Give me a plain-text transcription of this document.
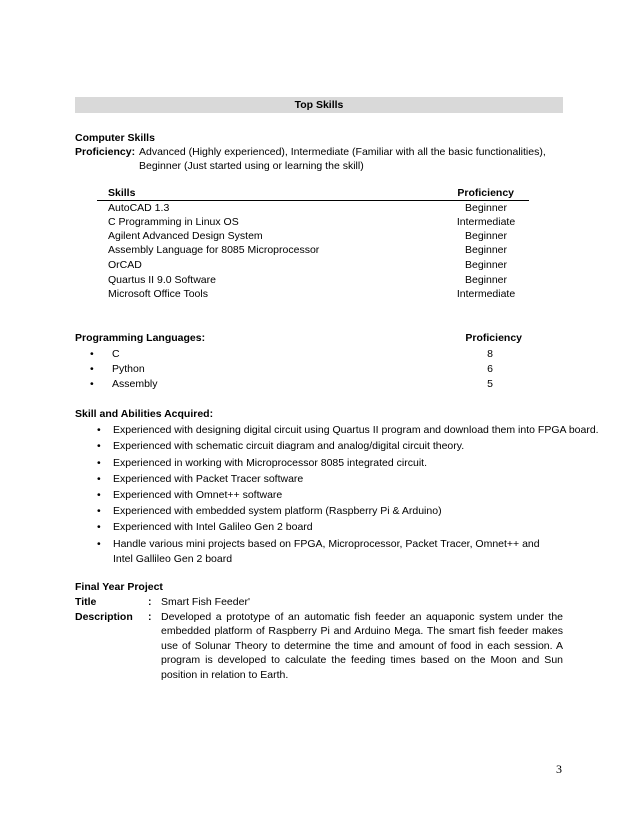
Top Skills
Computer Skills
Proficiency: Advanced (Highly experienced), Intermediate (Familiar with all the basic functionalities),
Beginner (Just started using or learning the skill)
Skills	Proficiency
AutoCAD 1.3	Beginner
C Programming in Linux OS	Intermediate
Agilent Advanced Design System	Beginner
Assembly Language for 8085 Microprocessor	Beginner
OrCAD	Beginner
Quartus II 9.0 Software	Beginner
Microsoft Office Tools	Intermediate
Programming Languages:	Proficiency
• C	8
• Python	6
• Assembly	5
Skill and Abilities Acquired:
• Experienced with designing digital circuit using Quartus II program and download them into FPGA board.
• Experienced with schematic circuit diagram and analog/digital circuit theory.
• Experienced in working with Microprocessor 8085 integrated circuit.
• Experienced with Packet Tracer software
• Experienced with Omnet++ software
• Experienced with embedded system platform (Raspberry Pi & Arduino)
• Experienced with Intel Galileo Gen 2 board
• Handle various mini projects based on FPGA, Microprocessor, Packet Tracer, Omnet++ and
Intel Gallileo Gen 2 board
Final Year Project
Title	: Smart Fish Feeder'
Description : Developed a prototype of an automatic fish feeder an aquaponic system under the embedded platform of Raspberry Pi and Arduino Mega. The smart fish feeder makes use of Solunar Theory to determine the time and amount of food in each session. A program is developed to calculate the feeding times based on the Moon and Sun position in relation to Earth.
3
